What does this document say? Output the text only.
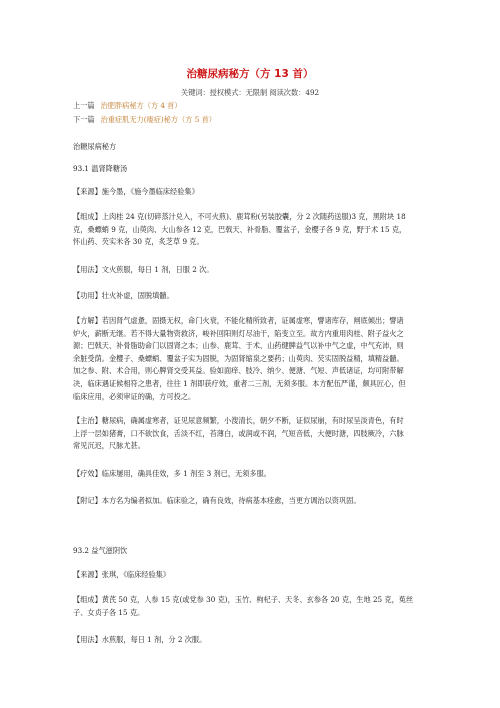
治糖尿病秘方（方 13 首）
关键词：授权模式：无限制 阅读次数：492
上一篇 治肥胖病秘方（方 4 首）
下一篇 治重症肌无力(瘘症)秘方（方 5 首）
治糖尿病秘方
93.1 温肾降糖汤
【来源】施今墨，《施今墨临床经验集》
【组成】上肉桂 24 克(切碎蒸汁兑入，不可火煎)、鹿茸粉(另装胶囊，分 2 次随药送服)3 克，黑附块 18
克，桑螵蛸 9 克，山萸肉、大山参各 12 克，巴戟天、补骨脂、覆盆子，金樱子各 9 克，野于术 15 克，
怀山药、芡实米各 30 克，炙芝草 9 克。
【用法】文火煎服，每日 1 剂，日服 2 次。
【功用】壮火补虚，固脱填髓。
【方解】若因肾气虚惫，固摄无权，命门火衰，不能化精所致者，证属虚寒，譬诸库存，闸底倾出；譬诸
炉火，薪断无继。若不得大量物资救济，峻补回阳则灯尽油干，陷变立至。故方内重用肉桂、附子益火之
源；巴戟天、补骨脂助命门以固肾之本；山参、鹿茸、于术、山药健脾益气以补中气之虚，中气充沛，则
余脏受荫。金樱子、桑螵蛸、覆盆子实为固脱，为固肾缩泉之要药；山萸肉、芡实固脱益精，填精益髓。
加之参、附、术合用，则心脾肾交受其益。验如面痒、肢冷、纳少、便溏、气短、声低诸证，均可附带解
决，临床遇证候相符之患者，往往 1 剂即获疗效，重者二三剂，无须多服。本方配伍严谨，颇具匠心，但
临床应用，必须审证的确，方可投之。
【主治】糖尿病，确属虚寒者，证见尿意频繁，小溲清长，朝夕不断，证似尿崩，有时尿呈淡青色，有时
上浮一层如猪膏，口不欲饮食，舌淡不红，苔薄白，或润或不润，气短音低，大便时溏，四肢厥冷，六脉
常见沉迟，尺脉尤甚。
【疗效】临床屡用，确具佳效，多 1 剂至 3 剂已，无须多服。
【附记】本方名为编者拟加。临床验之，确有良效，待病基本痊愈，当更方调治以资巩固。
93.2 益气滋阴饮
【来源】张琪，《临床经验集》
【组成】黄芪 50 克，人参 15 克(或党参 30 克)，玉竹、枸杞子、天冬、玄参各 20 克，生地 25 克，菟丝
子、女贞子各 15 克。
【用法】水煎服，每日 1 剂，分 2 次服。
